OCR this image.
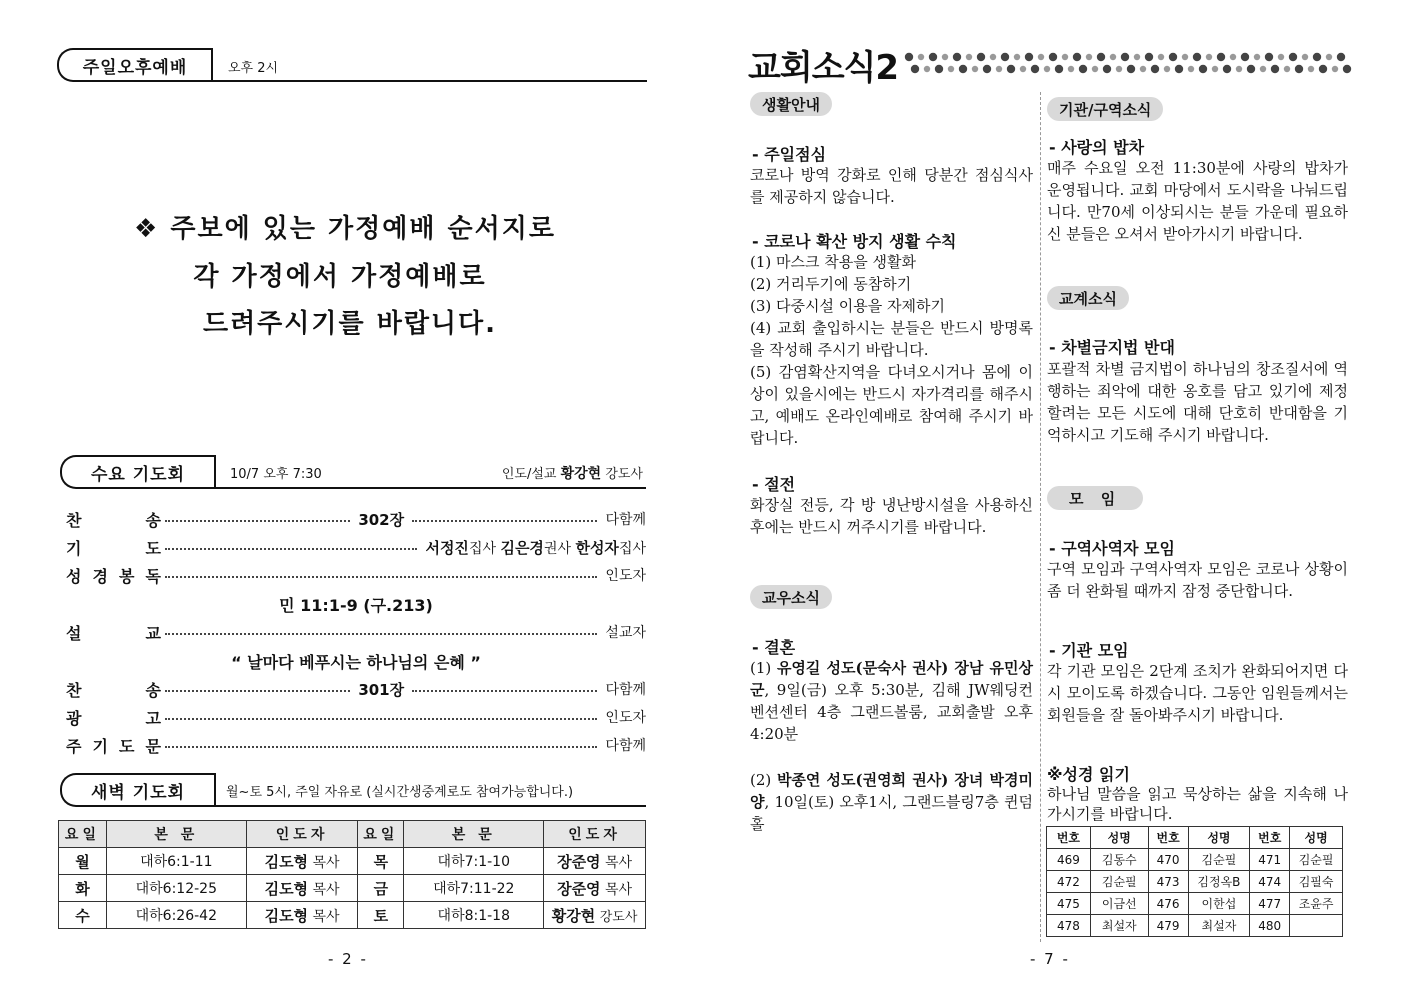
주일오후예배	오후 2시
❖ 주보에 있는 가정예배 순서지로
각 가정에서 가정예배로
드려주시기를 바랍니다.
수요 기도회	10/7 오후 7:30	인도/설교 황강현 강도사
찬	송	302장	다함께
기	도	서정진집사 김은경권사 한성자집사
성 경 봉 독	인도자
민 11:1-9 (구.213)
설	교	설교자
“ 날마다 베푸시는 하나님의 은혜 ”
찬	송	301장	다함께
광	고	인도자
주 기 도 문	다함께
새벽 기도회	월~토 5시, 주일 자유로 (실시간생중계로도 참여가능합니다.)
요일	본 문	인도자	요일	본 문	인도자
월	대하6:1-11	김도형 목사	목	대하7:1-10	장준영 목사
화	대하6:12-25	김도형 목사	금	대하7:11-22	장준영 목사
수	대하6:26-42	김도형 목사	토	대하8:1-18	황강현 강도사
- 2 -
교회소식2
생활안내
- 주일점심

코로나 방역 강화로 인해 당분간 점심식사를 제공하지 않습니다.

- 코로나 확산 방지 생활 수칙

(1) 마스크 착용을 생활화

(2) 거리두기에 동참하기

(3) 다중시설 이용을 자제하기

(4) 교회 출입하시는 분들은 반드시 방명록을 작성해 주시기 바랍니다.

(5) 감염확산지역을 다녀오시거나 몸에 이상이 있을시에는 반드시 자가격리를 해주시고, 예배도 온라인예배로 참여해 주시기 바랍니다.

- 절전

화장실 전등, 각 방 냉난방시설을 사용하신 후에는 반드시 꺼주시기를 바랍니다.

교우소식
- 결혼

(1) 유영길 성도(문숙사 권사) 장남 유민상군, 9일(금) 오후 5:30분, 김해 JW웨딩컨벤션센터 4층 그랜드볼룸, 교회출발 오후4:20분

(2) 박종연 성도(권영희 권사) 장녀 박경미양, 10일(토) 오후1시, 그랜드블링7층 퀸덤홀

기관/구역소식
- 사랑의 밥차
매주 수요일 오전 11:30분에 사랑의 밥차가 운영됩니다. 교회 마당에서 도시락을 나눠드립니다. 만70세 이상되시는 분들 가운데 필요하신 분들은 오셔서 받아가시기 바랍니다.
교계소식
- 차별금지법 반대
포괄적 차별 금지법이 하나님의 창조질서에 역행하는 죄악에 대한 옹호를 담고 있기에 제정할려는 모든 시도에 대해 단호히 반대함을 기억하시고 기도해 주시기 바랍니다.
모 임
- 구역사역자 모임
구역 모임과 구역사역자 모임은 코로나 상황이 좀 더 완화될 때까지 잠정 중단합니다.
- 기관 모임
각 기관 모임은 2단계 조치가 완화되어지면 다시 모이도록 하겠습니다. 그동안 임원들께서는 회원들을 잘 돌아봐주시기 바랍니다.
※성경 읽기
하나님 말씀을 읽고 묵상하는 삶을 지속해 나가시기를 바랍니다.
번호	성명	번호	성명	번호	성명
469	김동수	470	김순필	471	김순필
472	김순필	473	김정옥B	474	김필숙
475	이금선	476	이한섭	477	조윤주
478	최설자	479	최설자	480	
- 7 -
